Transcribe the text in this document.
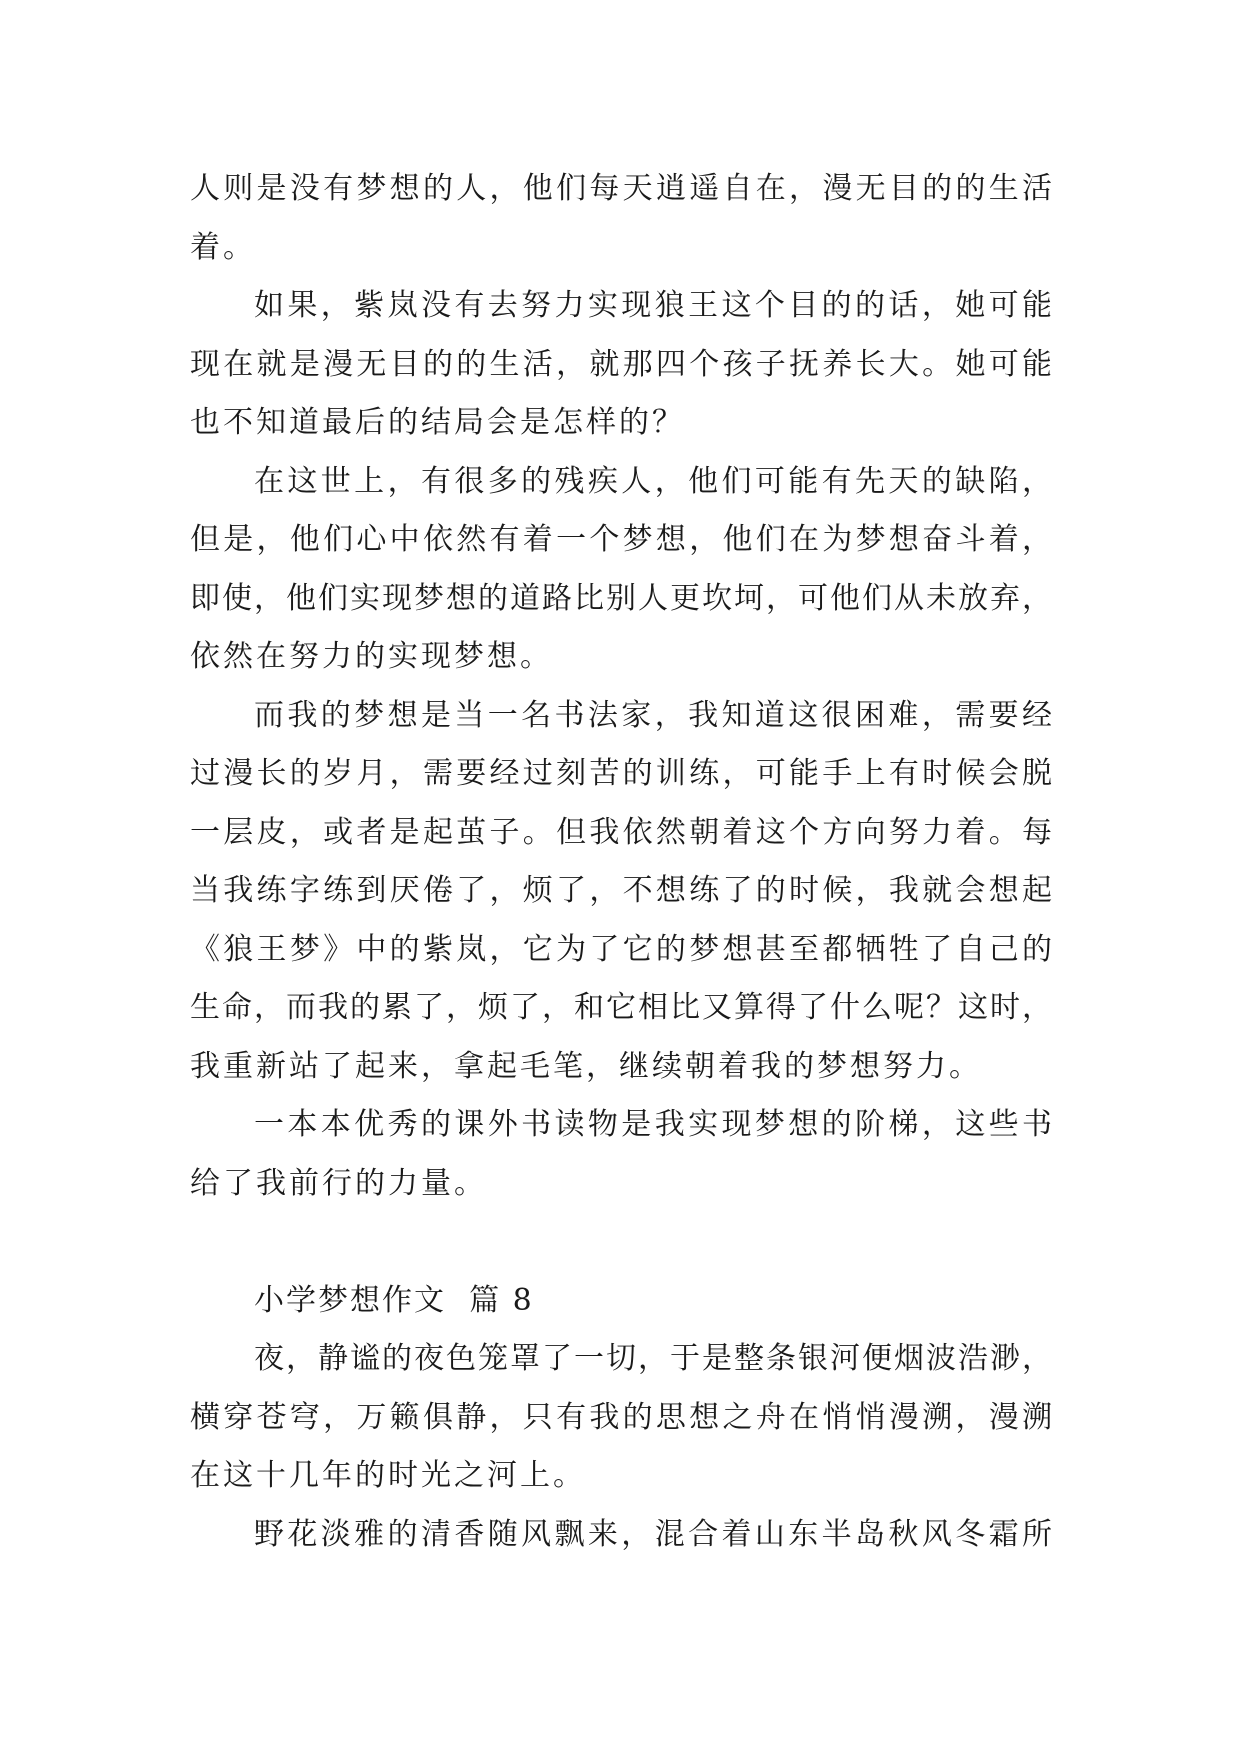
人则是没有梦想的人，他们每天逍遥自在，漫无目的的生活
着。
如果，紫岚没有去努力实现狼王这个目的的话，她可能
现在就是漫无目的的生活，就那四个孩子抚养长大。她可能
也不知道最后的结局会是怎样的？
在这世上，有很多的残疾人，他们可能有先天的缺陷，
但是，他们心中依然有着一个梦想，他们在为梦想奋斗着，
即使，他们实现梦想的道路比别人更坎坷，可他们从未放弃，
依然在努力的实现梦想。
而我的梦想是当一名书法家，我知道这很困难，需要经
过漫长的岁月，需要经过刻苦的训练，可能手上有时候会脱
一层皮，或者是起茧子。但我依然朝着这个方向努力着。每
当我练字练到厌倦了，烦了，不想练了的时候，我就会想起
《狼王梦》中的紫岚，它为了它的梦想甚至都牺牲了自己的
生命，而我的累了，烦了，和它相比又算得了什么呢？这时，
我重新站了起来，拿起毛笔，继续朝着我的梦想努力。
一本本优秀的课外书读物是我实现梦想的阶梯，这些书
给了我前行的力量。
小学梦想作文  篇 8
夜，静谧的夜色笼罩了一切，于是整条银河便烟波浩渺，
横穿苍穹，万籁俱静，只有我的思想之舟在悄悄漫溯，漫溯
在这十几年的时光之河上。
野花淡雅的清香随风飘来，混合着山东半岛秋风冬霜所
